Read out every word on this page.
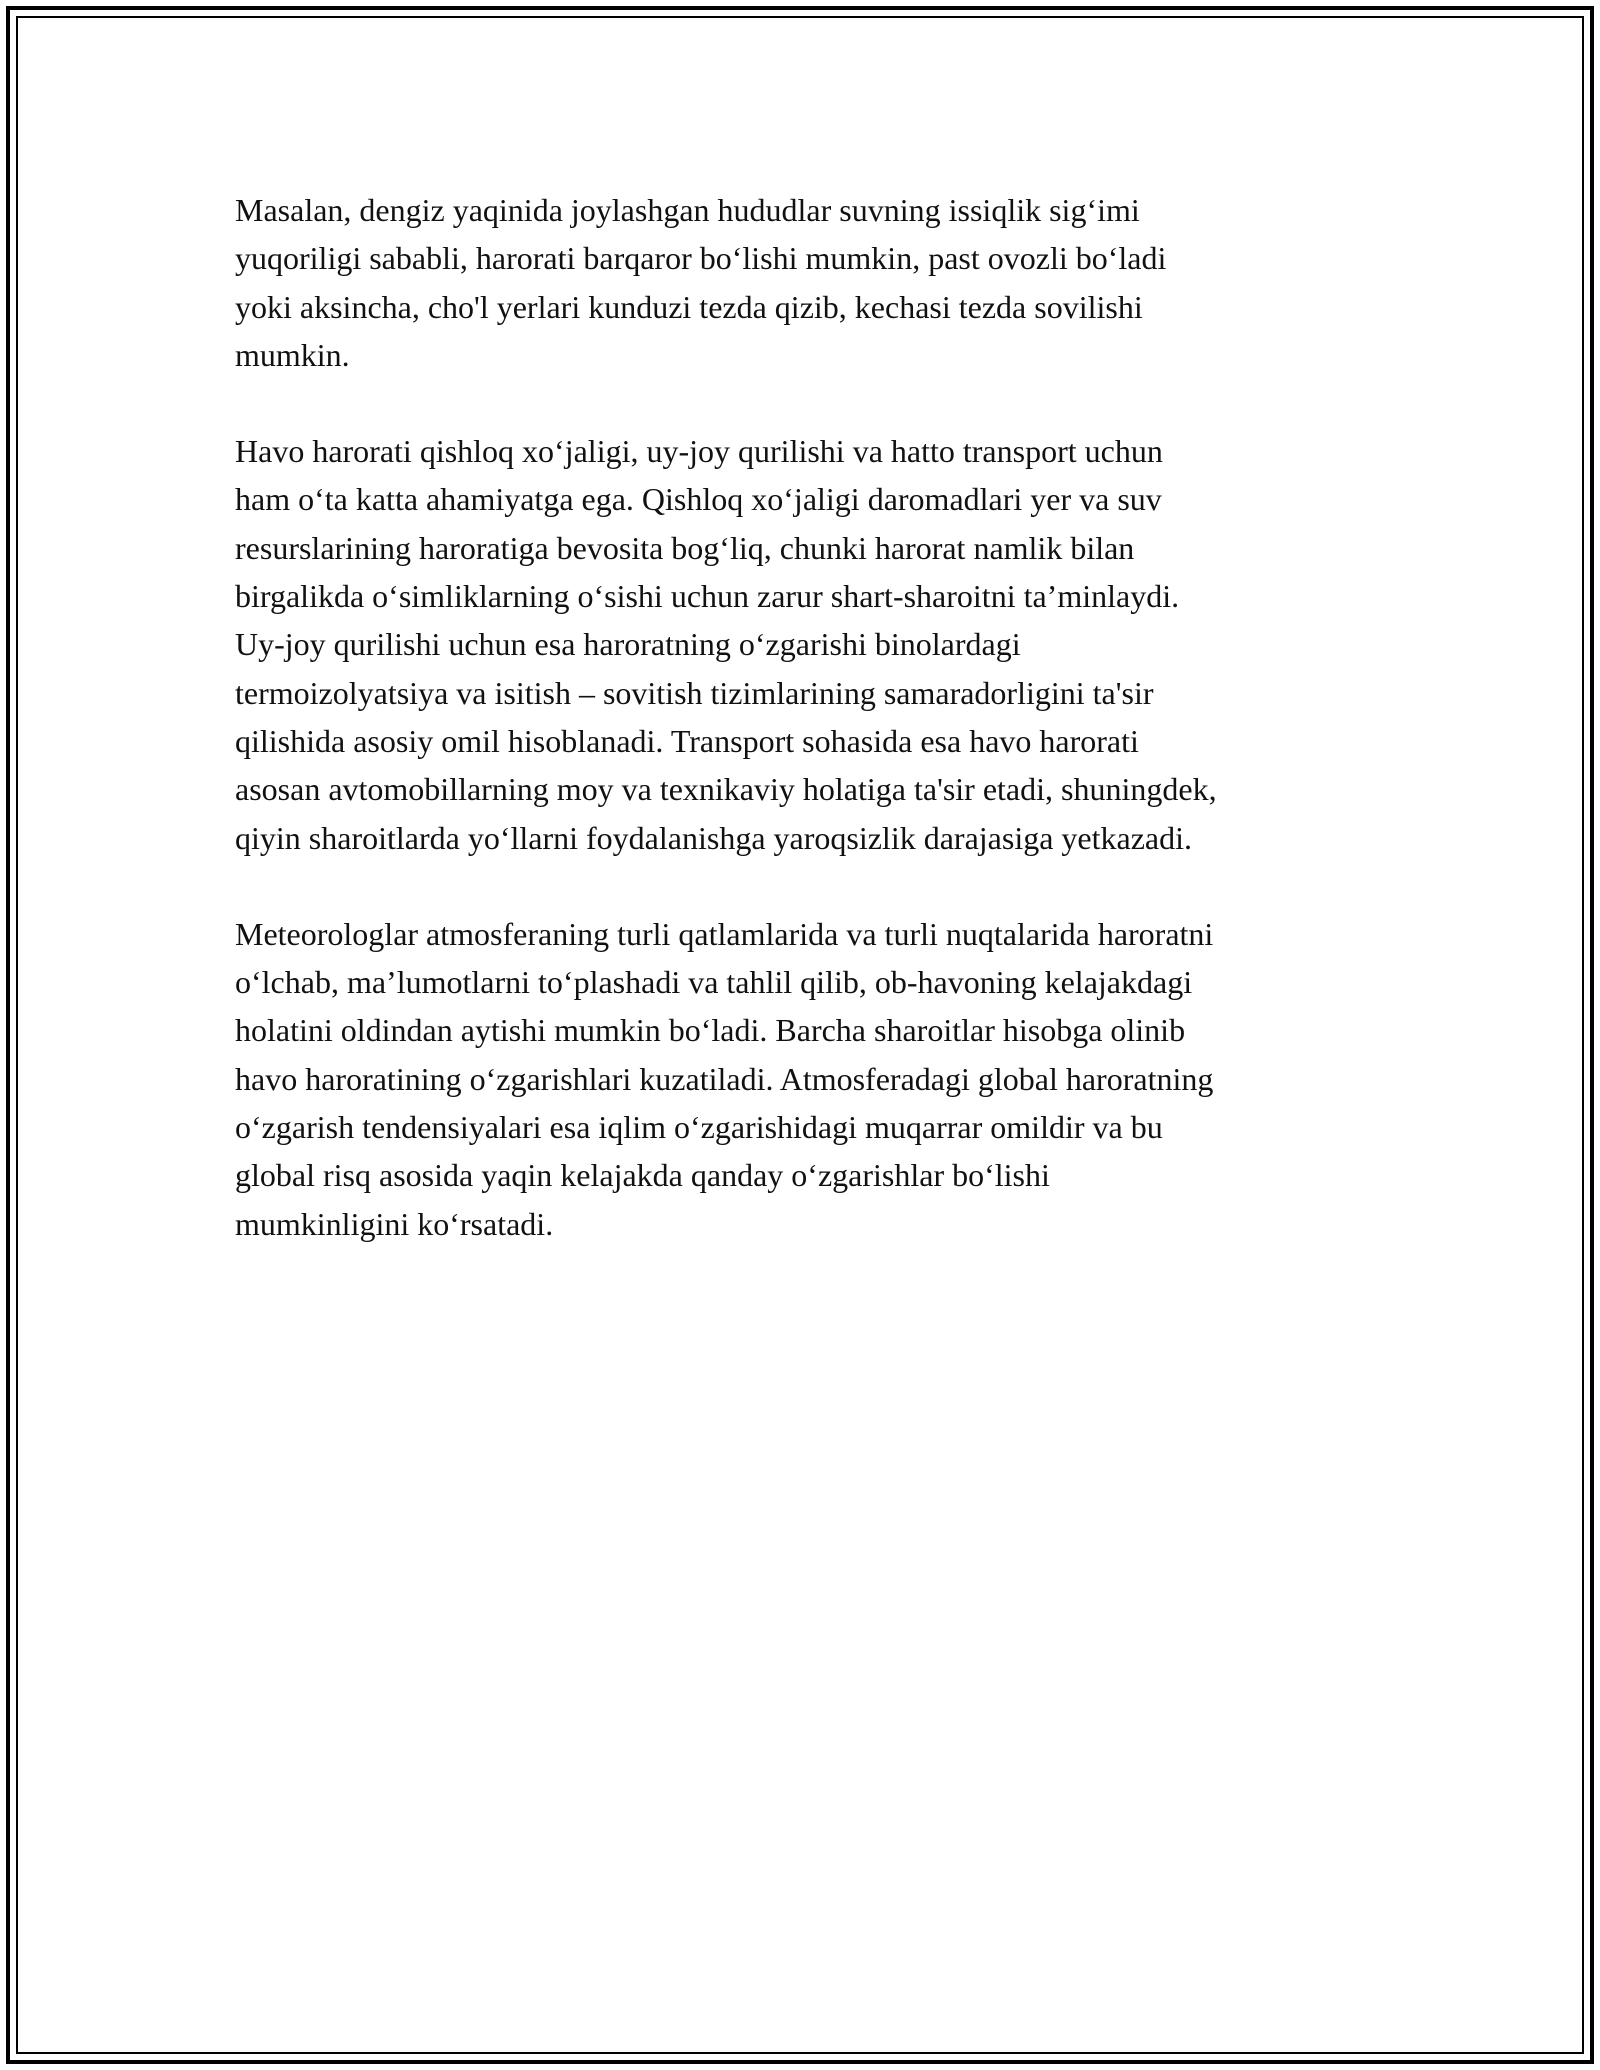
Masalan, dengiz yaqinida joylashgan hududlar suvning issiqlik sig‘imi
yuqoriligi sababli, harorati barqaror bo‘lishi mumkin, past ovozli bo‘ladi
yoki aksincha, cho'l yerlari kunduzi tezda qizib, kechasi tezda sovilishi
mumkin.

Havo harorati qishloq xo‘jaligi, uy-joy qurilishi va hatto transport uchun
ham o‘ta katta ahamiyatga ega. Qishloq xo‘jaligi daromadlari yer va suv
resurslarining haroratiga bevosita bog‘liq, chunki harorat namlik bilan
birgalikda o‘simliklarning o‘sishi uchun zarur shart-sharoitni ta’minlaydi.
Uy-joy qurilishi uchun esa haroratning o‘zgarishi binolardagi
termoizolyatsiya va isitish – sovitish tizimlarining samaradorligini ta'sir
qilishida asosiy omil hisoblanadi. Transport sohasida esa havo harorati
asosan avtomobillarning moy va texnikaviy holatiga ta'sir etadi, shuningdek,
qiyin sharoitlarda yo‘llarni foydalanishga yaroqsizlik darajasiga yetkazadi.

Meteorologlar atmosferaning turli qatlamlarida va turli nuqtalarida haroratni
o‘lchab, ma’lumotlarni to‘plashadi va tahlil qilib, ob-havoning kelajakdagi
holatini oldindan aytishi mumkin bo‘ladi. Barcha sharoitlar hisobga olinib
havo haroratining o‘zgarishlari kuzatiladi. Atmosferadagi global haroratning
o‘zgarish tendensiyalari esa iqlim o‘zgarishidagi muqarrar omildir va bu
global risq asosida yaqin kelajakda qanday o‘zgarishlar bo‘lishi
mumkinligini ko‘rsatadi.
